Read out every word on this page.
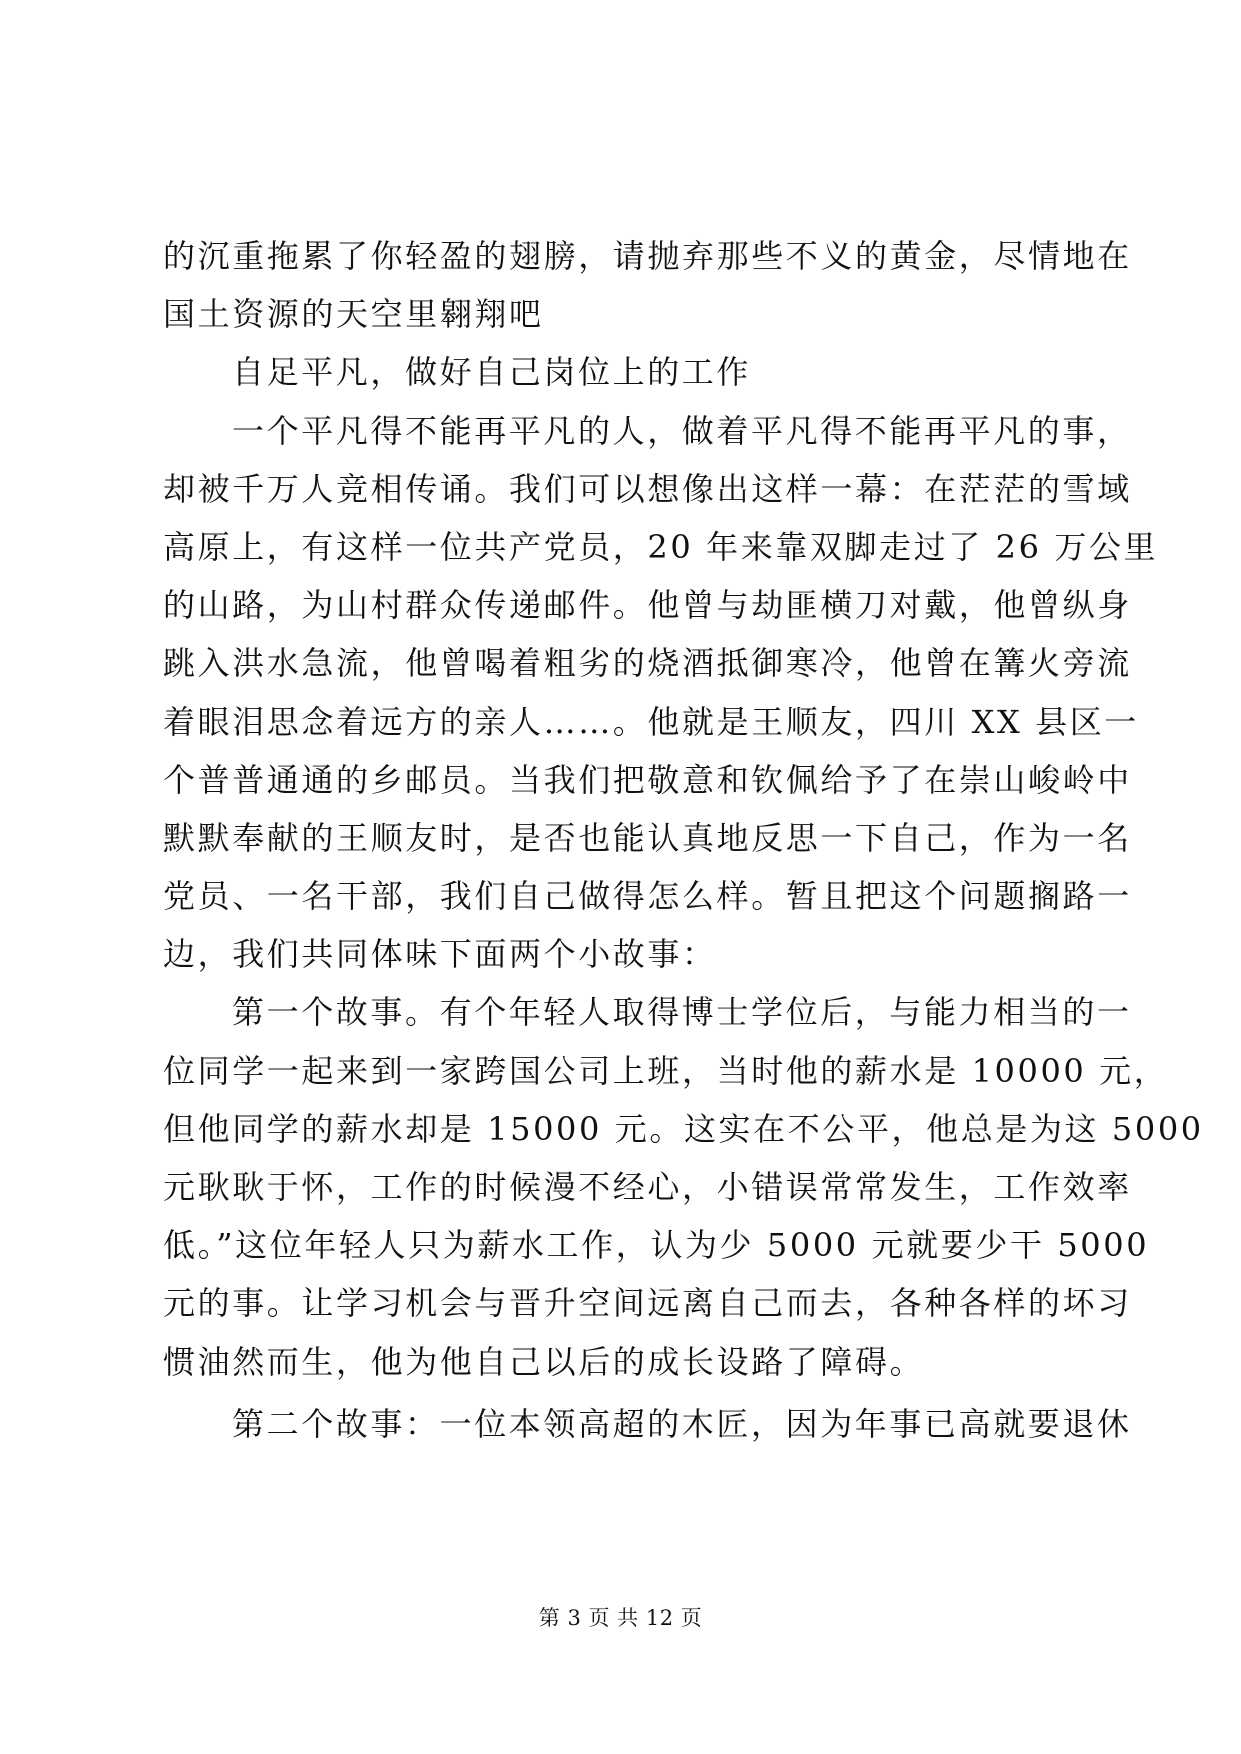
的沉重拖累了你轻盈的翅膀，请抛弃那些不义的黄金，尽情地在
国土资源的天空里翱翔吧
自足平凡，做好自己岗位上的工作
一个平凡得不能再平凡的人，做着平凡得不能再平凡的事，
却被千万人竞相传诵。我们可以想像出这样一幕：在茫茫的雪域
高原上，有这样一位共产党员，20 年来靠双脚走过了 26 万公里
的山路，为山村群众传递邮件。他曾与劫匪横刀对戴，他曾纵身
跳入洪水急流，他曾喝着粗劣的烧酒抵御寒冷，他曾在篝火旁流
着眼泪思念着远方的亲人……。他就是王顺友，四川 XX 县区一
个普普通通的乡邮员。当我们把敬意和钦佩给予了在崇山峻岭中
默默奉献的王顺友时，是否也能认真地反思一下自己，作为一名
党员、一名干部，我们自己做得怎么样。暂且把这个问题搁路一
边，我们共同体味下面两个小故事：
第一个故事。有个年轻人取得博士学位后，与能力相当的一
位同学一起来到一家跨国公司上班，当时他的薪水是 10000 元，
但他同学的薪水却是 15000 元。这实在不公平，他总是为这 5000
元耿耿于怀，工作的时候漫不经心，小错误常常发生，工作效率
低。”这位年轻人只为薪水工作，认为少 5000 元就要少干 5000
元的事。让学习机会与晋升空间远离自己而去，各种各样的坏习
惯油然而生，他为他自己以后的成长设路了障碍。
第二个故事：一位本领高超的木匠，因为年事已高就要退休
第 3 页 共 12 页
